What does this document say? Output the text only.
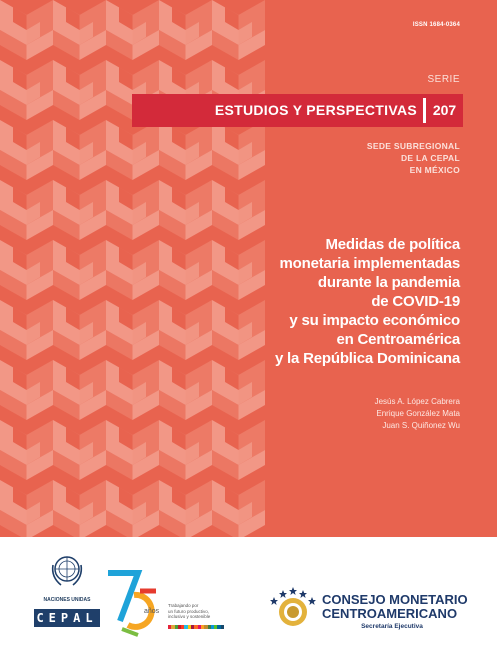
ISSN 1684-0364
SERIE
ESTUDIOS Y PERSPECTIVAS	207
SEDE SUBREGIONAL
DE LA CEPAL
EN MÉXICO
Medidas de política
monetaria implementadas
durante la pandemia
de COVID-19
y su impacto económico
en Centroamérica
y la República Dominicana
Jesús A. López Cabrera
Enrique González Mata
Juan S. Quiñonez Wu
NACIONES UNIDAS
CEPAL	años
Trabajando por
un futuro productivo,
inclusivo y sostenible
CONSEJO MONETARIO
CENTROAMERICANO
Secretaría Ejecutiva
